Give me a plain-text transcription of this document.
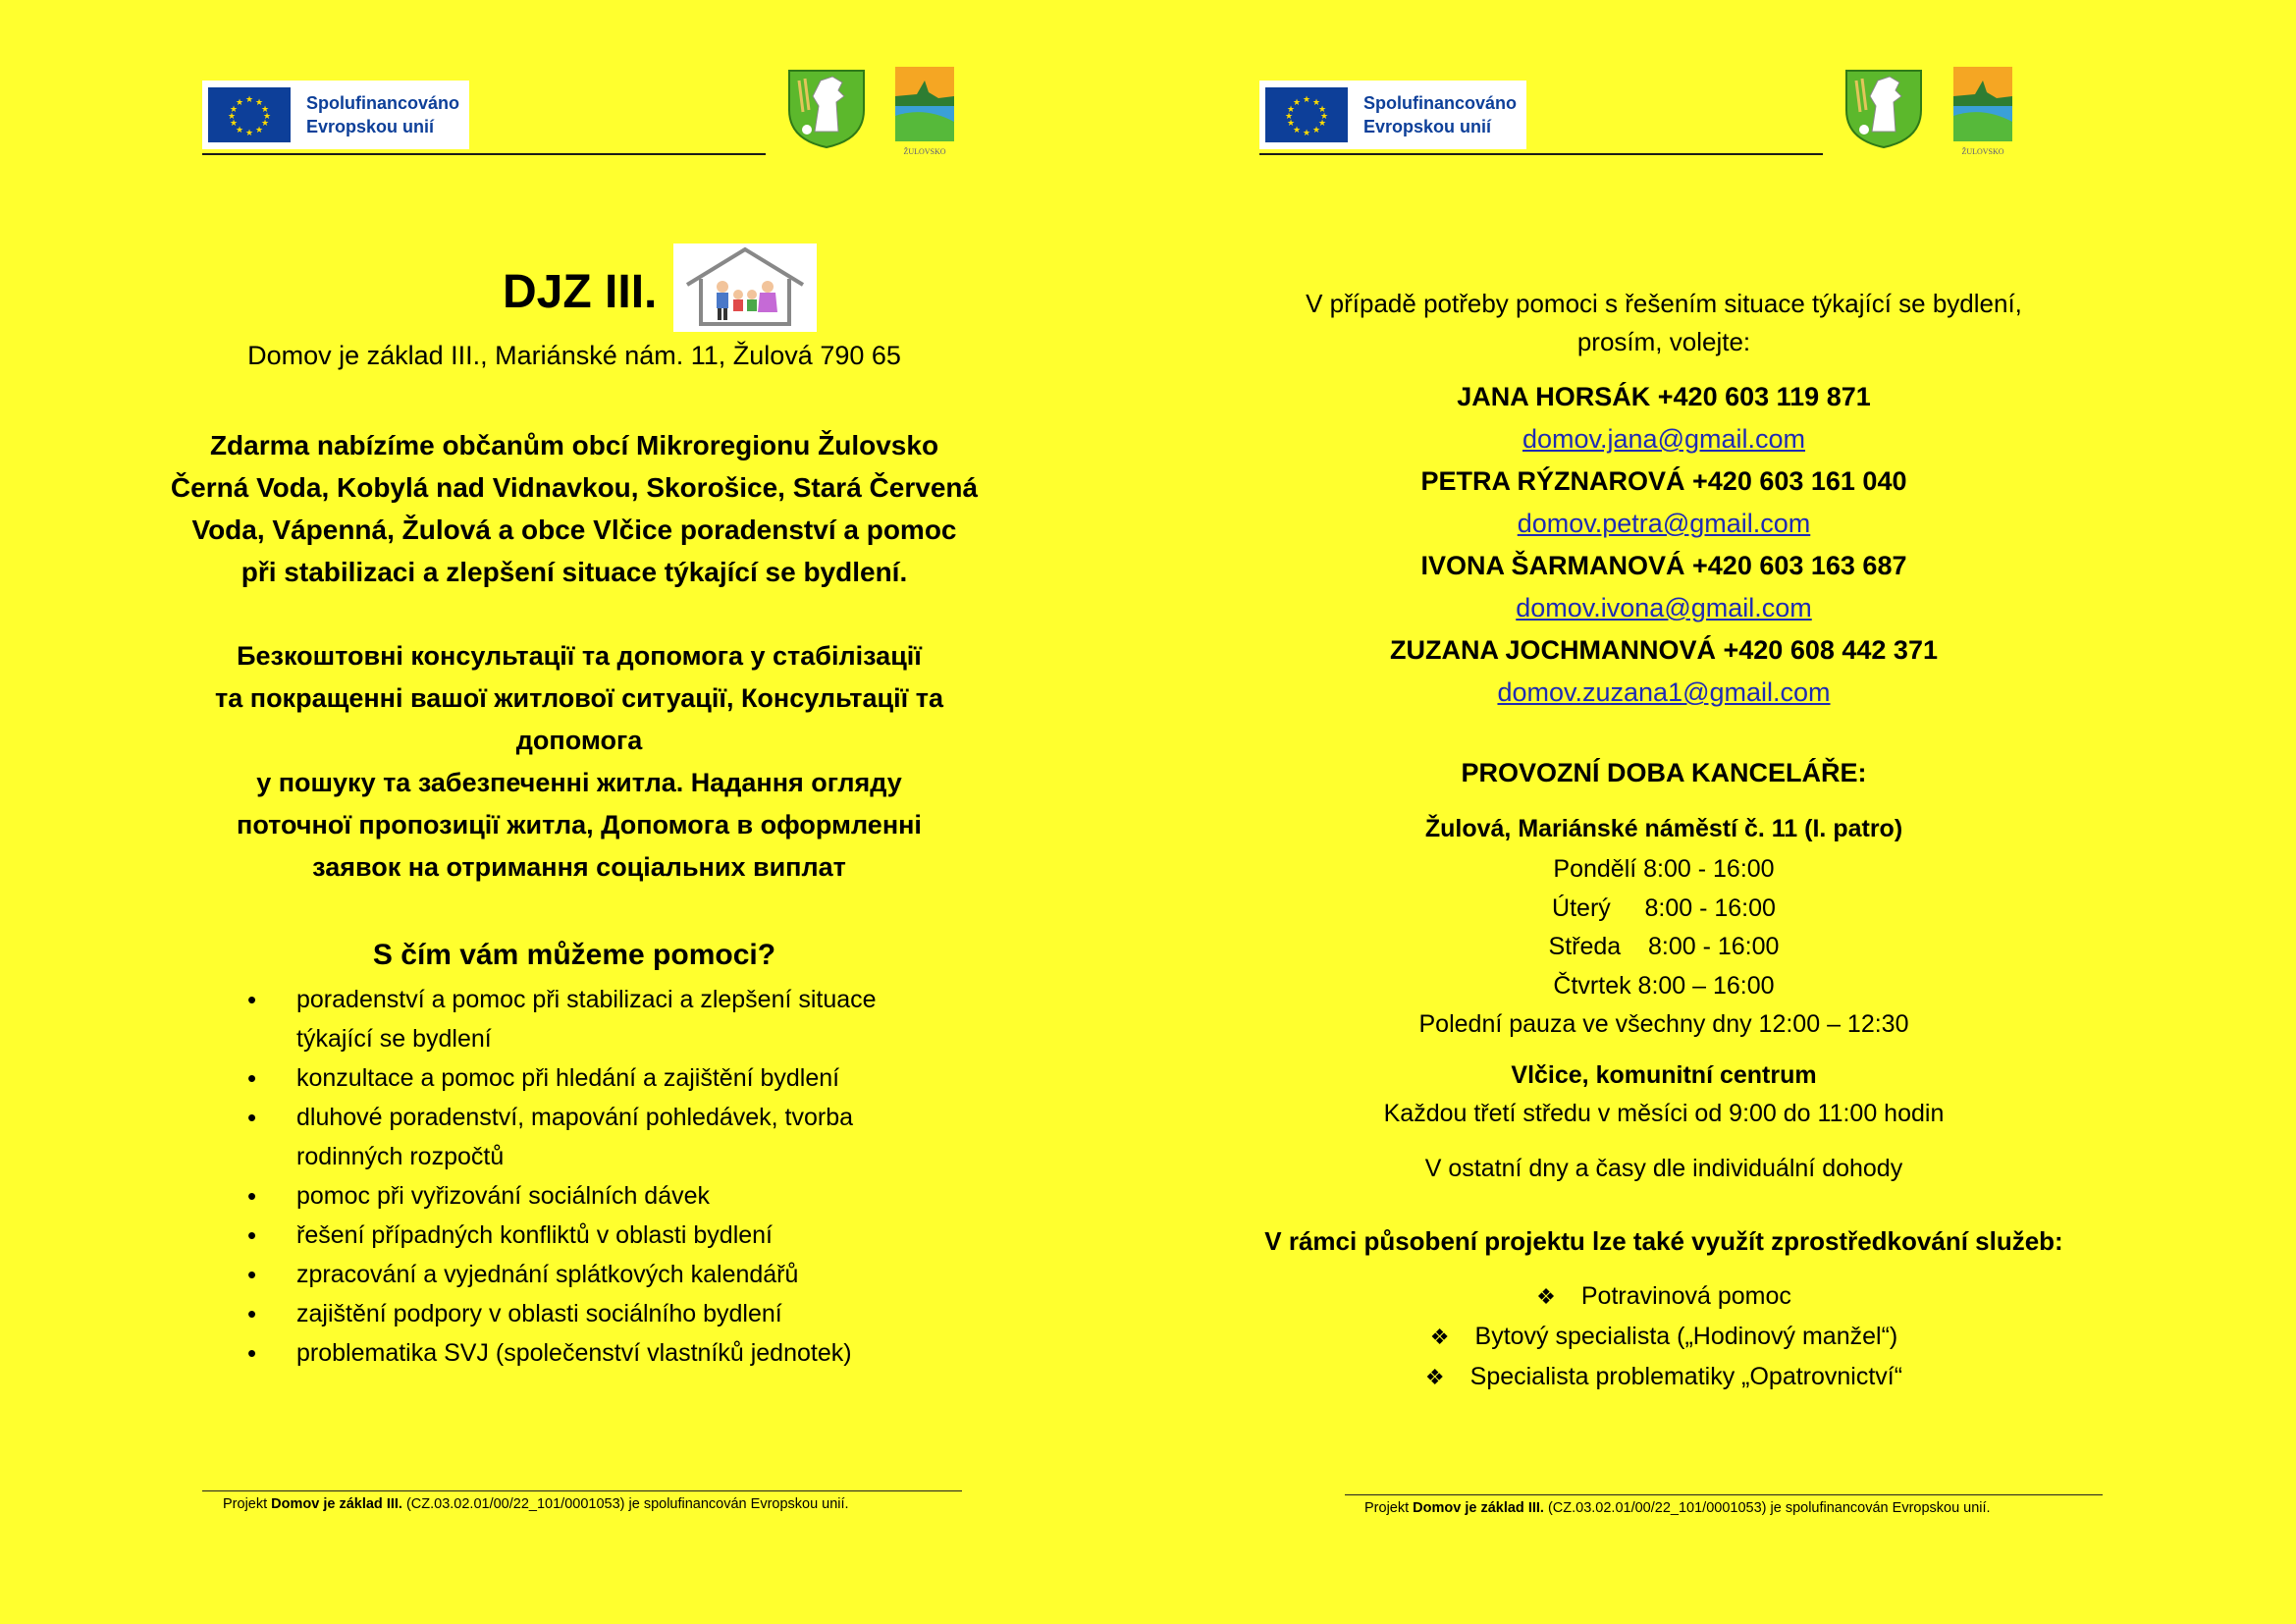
★ ★
★
★
★
★
★
★
★
★
★
★	Spolufinancováno
Evropskou unií
ŽULOVSKO
DJZ III.
Domov je základ III., Mariánské nám. 11, Žulová 790 65
Zdarma nabízíme občanům obcí Mikroregionu Žulovsko
Černá Voda, Kobylá nad Vidnavkou, Skorošice, Stará Červená
Voda, Vápenná, Žulová a obce Vlčice poradenství a pomoc
při stabilizaci a zlepšení situace týkající se bydlení.
Безкоштовні консультації та допомога у стабілізації
та покращенні вашої житлової ситуації, Консультації та
допомога
у пошуку та забезпеченні житла. Надання огляду
поточної пропозиції житла, Допомога в оформленні
заявок на отримання соціальних виплат
S čím vám můžeme pomoci?
• poradenství a pomoc při stabilizaci a zlepšení situace
týkající se bydlení
• konzultace a pomoc při hledání a zajištění bydlení
• dluhové poradenství, mapování pohledávek, tvorba
rodinných rozpočtů
• pomoc při vyřizování sociálních dávek
• řešení případných konfliktů v oblasti bydlení
• zpracování a vyjednání splátkových kalendářů
• zajištění podpory v oblasti sociálního bydlení
• problematika SVJ (společenství vlastníků jednotek)
Projekt Domov je základ III. (CZ.03.02.01/00/22_101/0001053) je spolufinancován Evropskou unií.
★ ★
★
★
★
★
★
★
★
★
★
★	Spolufinancováno
Evropskou unií
ŽULOVSKO
V případě potřeby pomoci s řešením situace týkající se bydlení,
prosím, volejte:
JANA HORSÁK +420 603 119 871
domov.jana@gmail.com
PETRA RÝZNAROVÁ +420 603 161 040
domov.petra@gmail.com
IVONA ŠARMANOVÁ +420 603 163 687
domov.ivona@gmail.com
ZUZANA JOCHMANNOVÁ +420 608 442 371
domov.zuzana1@gmail.com
PROVOZNÍ DOBA KANCELÁŘE:
Žulová, Mariánské náměstí č. 11 (I. patro)
Pondělí 8:00 - 16:00
Úterý     8:00 - 16:00
Středa    8:00 - 16:00
Čtvrtek 8:00 – 16:00
Polední pauza ve všechny dny 12:00 – 12:30
Vlčice, komunitní centrum
Každou třetí středu v měsíci od 9:00 do 11:00 hodin
V ostatní dny a časy dle individuální dohody
V rámci působení projektu lze také využít zprostředkování služeb:
❖ Potravinová pomoc
❖ Bytový specialista („Hodinový manžel“)
❖ Specialista problematiky „Opatrovnictví“
Projekt Domov je základ III. (CZ.03.02.01/00/22_101/0001053) je spolufinancován Evropskou unií.
